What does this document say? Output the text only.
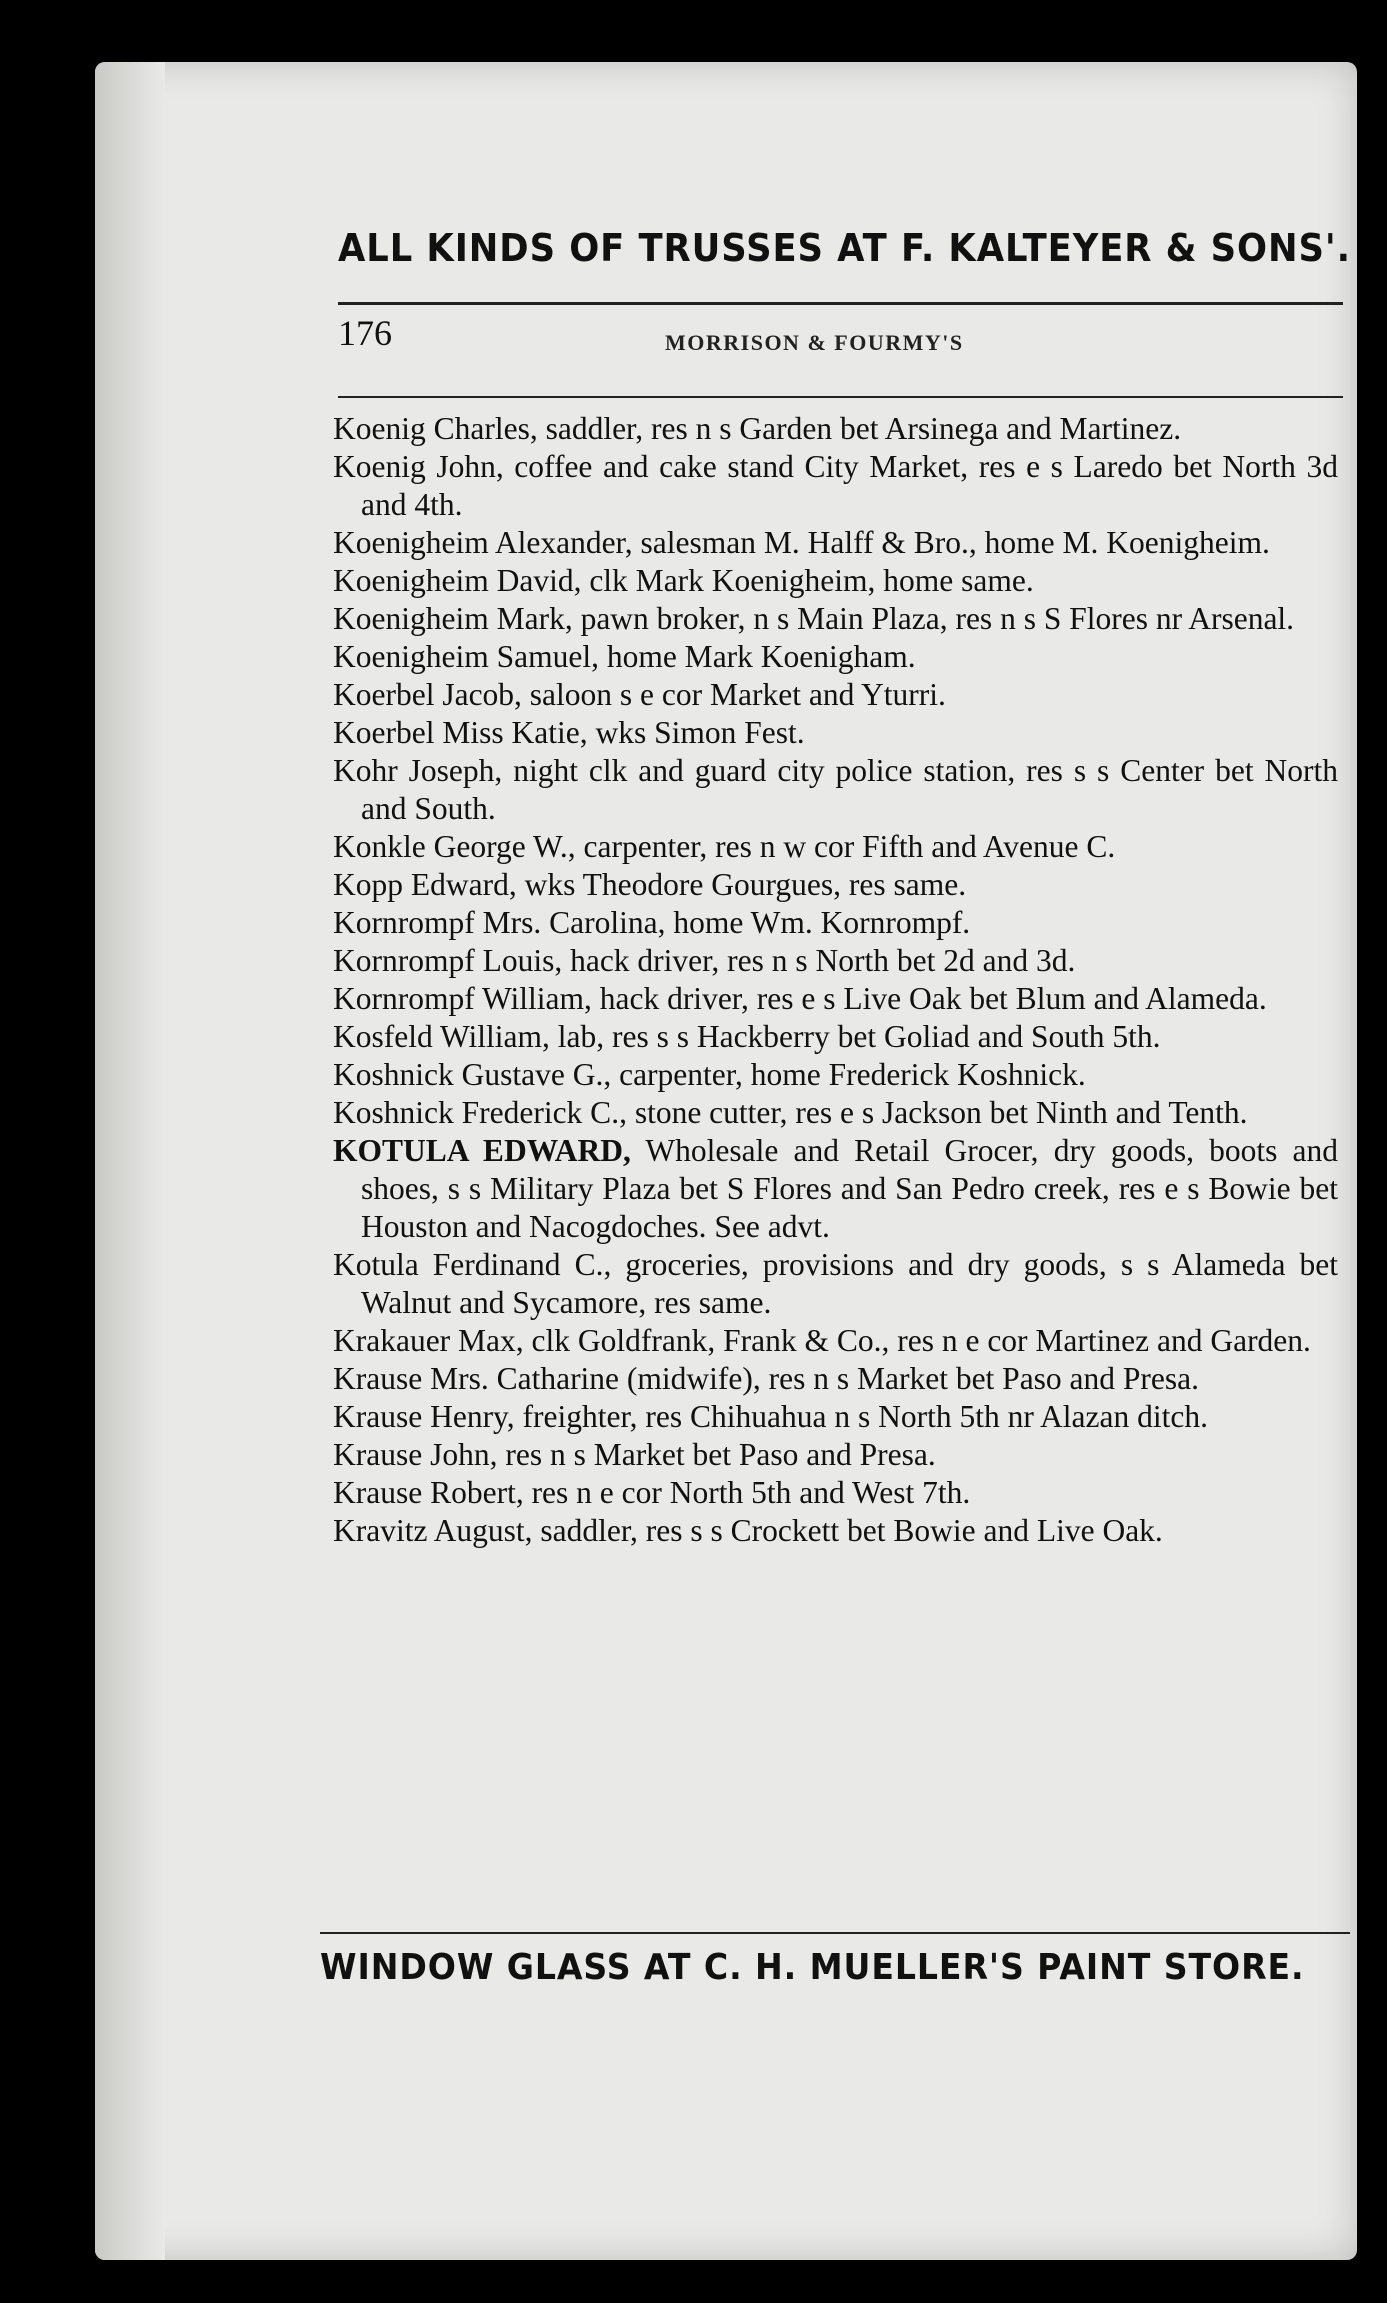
ALL KINDS OF TRUSSES AT F. KALTEYER & SONS'.
176	MORRISON & FOURMY'S

Koenig Charles, saddler, res n s Garden bet Arsinega and Martinez.

Koenig John, coffee and cake stand City Market, res e s Laredo bet North 3d and 4th.

Koenigheim Alexander, salesman M. Halff & Bro., home M. Koenigheim.

Koenigheim David, clk Mark Koenigheim, home same.

Koenigheim Mark, pawn broker, n s Main Plaza, res n s S Flores nr Arsenal.

Koenigheim Samuel, home Mark Koenigham.

Koerbel Jacob, saloon s e cor Market and Yturri.

Koerbel Miss Katie, wks Simon Fest.

Kohr Joseph, night clk and guard city police station, res s s Center bet North and South.

Konkle George W., carpenter, res n w cor Fifth and Avenue C.

Kopp Edward, wks Theodore Gourgues, res same.

Kornrompf Mrs. Carolina, home Wm. Kornrompf.

Kornrompf Louis, hack driver, res n s North bet 2d and 3d.

Kornrompf William, hack driver, res e s Live Oak bet Blum and Alameda.

Kosfeld William, lab, res s s Hackberry bet Goliad and South 5th.

Koshnick Gustave G., carpenter, home Frederick Koshnick.

Koshnick Frederick C., stone cutter, res e s Jackson bet Ninth and Tenth.

KOTULA EDWARD, Wholesale and Retail Grocer, dry goods, boots and shoes, s s Military Plaza bet S Flores and San Pedro creek, res e s Bowie bet Houston and Nacogdoches. See advt.

Kotula Ferdinand C., groceries, provisions and dry goods, s s Alameda bet Walnut and Sycamore, res same.

Krakauer Max, clk Goldfrank, Frank & Co., res n e cor Martinez and Garden.

Krause Mrs. Catharine (midwife), res n s Market bet Paso and Presa.

Krause Henry, freighter, res Chihuahua n s North 5th nr Alazan ditch.

Krause John, res n s Market bet Paso and Presa.

Krause Robert, res n e cor North 5th and West 7th.

Kravitz August, saddler, res s s Crockett bet Bowie and Live Oak.

WINDOW GLASS AT C. H. MUELLER'S PAINT STORE.
